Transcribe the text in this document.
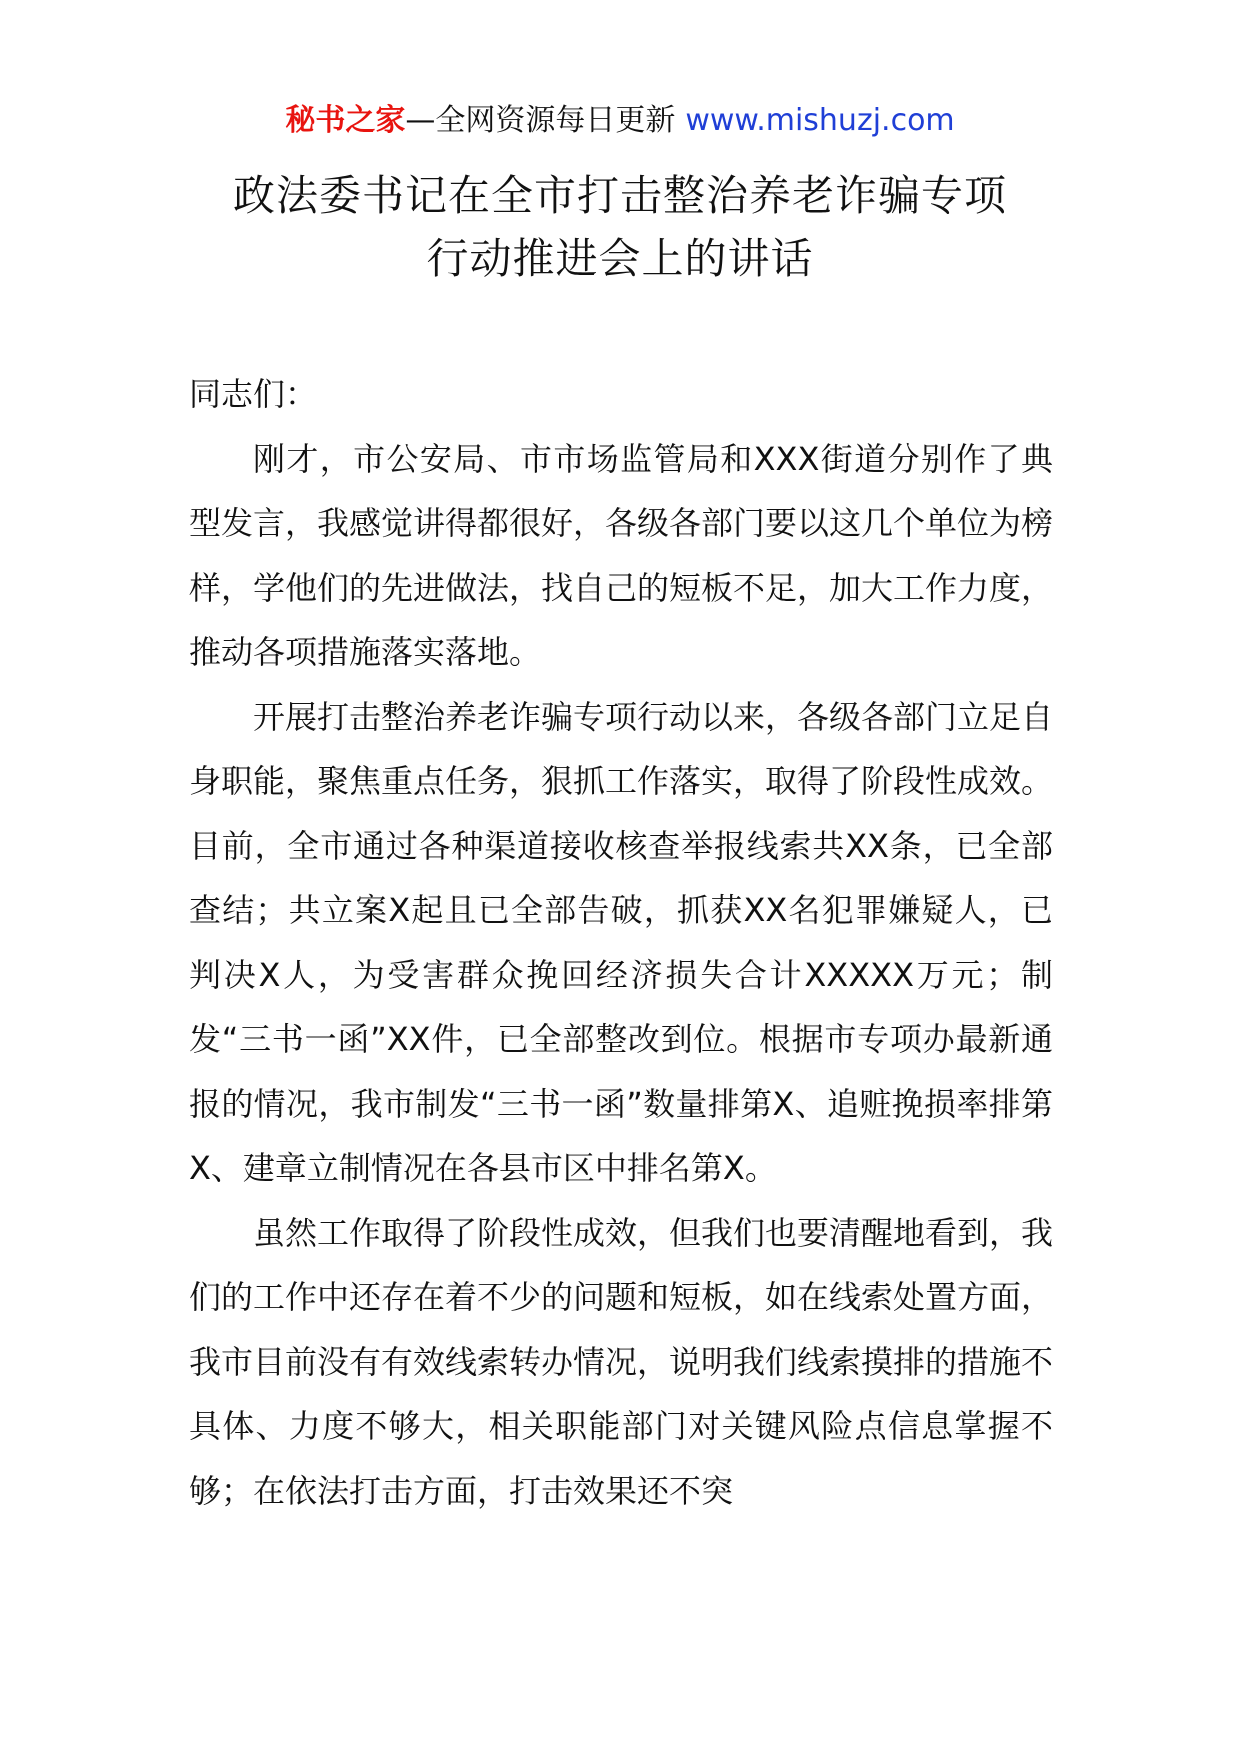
秘书之家—全网资源每日更新 www.mishuzj.com
政法委书记在全市打击整治养老诈骗专项
行动推进会上的讲话

同志们：

刚才，市公安局、市市场监管局和XXX街道分别作了典型发言，我感觉讲得都很好，各级各部门要以这几个单位为榜样，学他们的先进做法，找自己的短板不足，加大工作力度，推动各项措施落实落地。

开展打击整治养老诈骗专项行动以来，各级各部门立足自身职能，聚焦重点任务，狠抓工作落实，取得了阶段性成效。目前，全市通过各种渠道接收核查举报线索共XX条，已全部查结；共立案X起且已全部告破，抓获XX名犯罪嫌疑人，已判决X人，为受害群众挽回经济损失合计XXXXX万元；制发“三书一函”XX件，已全部整改到位。根据市专项办最新通报的情况，我市制发“三书一函”数量排第X、追赃挽损率排第X、建章立制情况在各县市区中排名第X。

虽然工作取得了阶段性成效，但我们也要清醒地看到，我们的工作中还存在着不少的问题和短板，如在线索处置方面，我市目前没有有效线索转办情况，说明我们线索摸排的措施不具体、力度不够大，相关职能部门对关键风险点信息掌握不够；在依法打击方面，打击效果还不突
